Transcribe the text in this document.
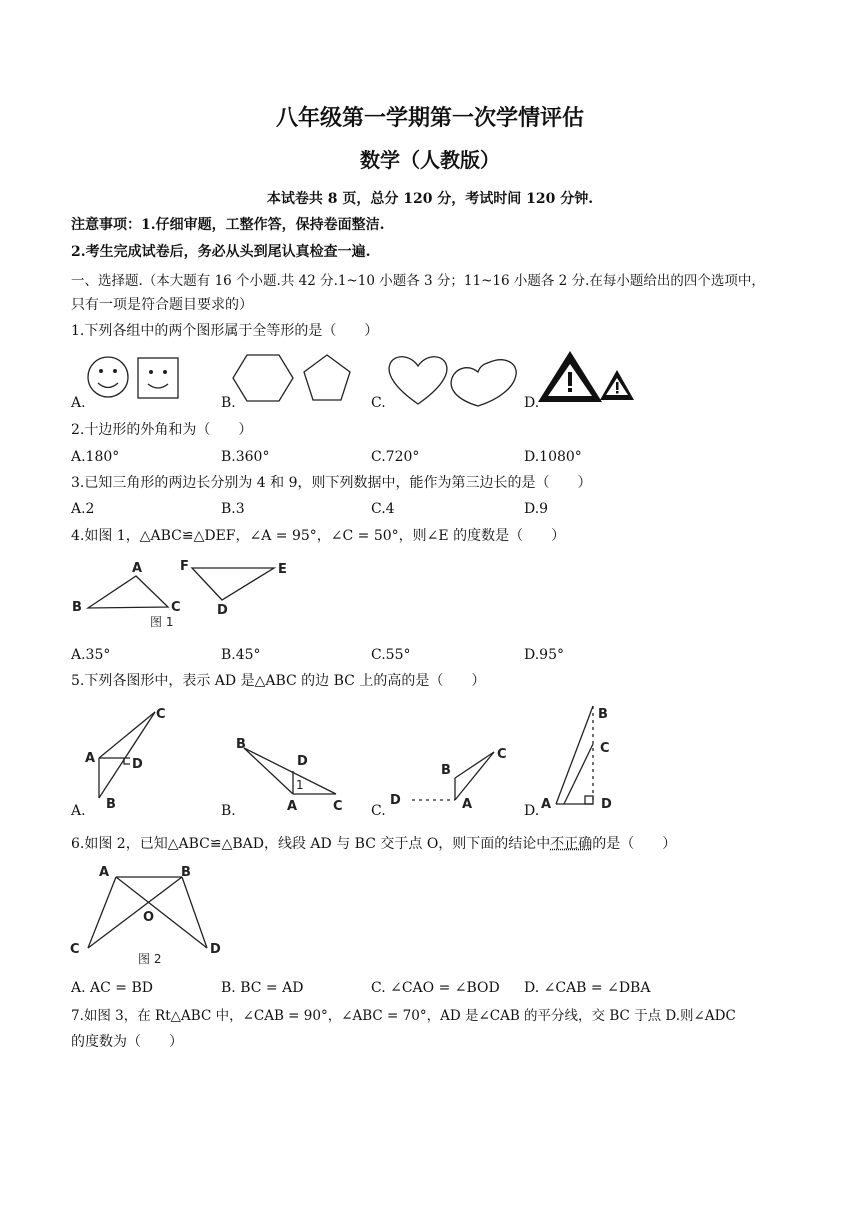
八年级第一学期第一次学情评估
数学（人教版）
本试卷共 8 页，总分 120 分，考试时间 120 分钟.
注意事项：1.仔细审题，工整作答，保持卷面整洁.
2.考生完成试卷后，务必从头到尾认真检查一遍.
一、选择题.（本大题有 16 个小题.共 42 分.1~10 小题各 3 分；11~16 小题各 2 分.在每小题给出的四个选项中，
只有一项是符合题目要求的）
1.下列各组中的两个图形属于全等形的是（　　）
A.	B.	C.	D.
2.十边形的外角和为（　　）
A.180°	B.360°	C.720°	D.1080°
3.已知三角形的两边长分别为 4 和 9，则下列数据中，能作为第三边长的是（　　）
A.2	B.3	C.4	D.9
4.如图 1，△ABC≌△DEF，∠A = 95°，∠C = 50°，则∠E 的度数是（　　）
A
B	C
F	E
D
图 1
A.35°	B.45°	C.55°	D.95°
5.下列各图形中，表示 AD 是△ABC 的边 BC 上的高的是（　　）
C
A	D
B
B
D
1
A	C
C
B
D	A
B
C
A	D
A.	B.	C.	D.
6.如图 2，已知△ABC≌△BAD，线段 AD 与 BC 交于点 O，则下面的结论中不正确的是（　　）
A	B
O
C	D
图 2
A. AC = BD	B. BC = AD	C. ∠CAO = ∠BOD D. ∠CAB = ∠DBA
7.如图 3，在 Rt△ABC 中，∠CAB = 90°，∠ABC = 70°，AD 是∠CAB 的平分线，交 BC 于点 D.则∠ADC
的度数为（　　）
